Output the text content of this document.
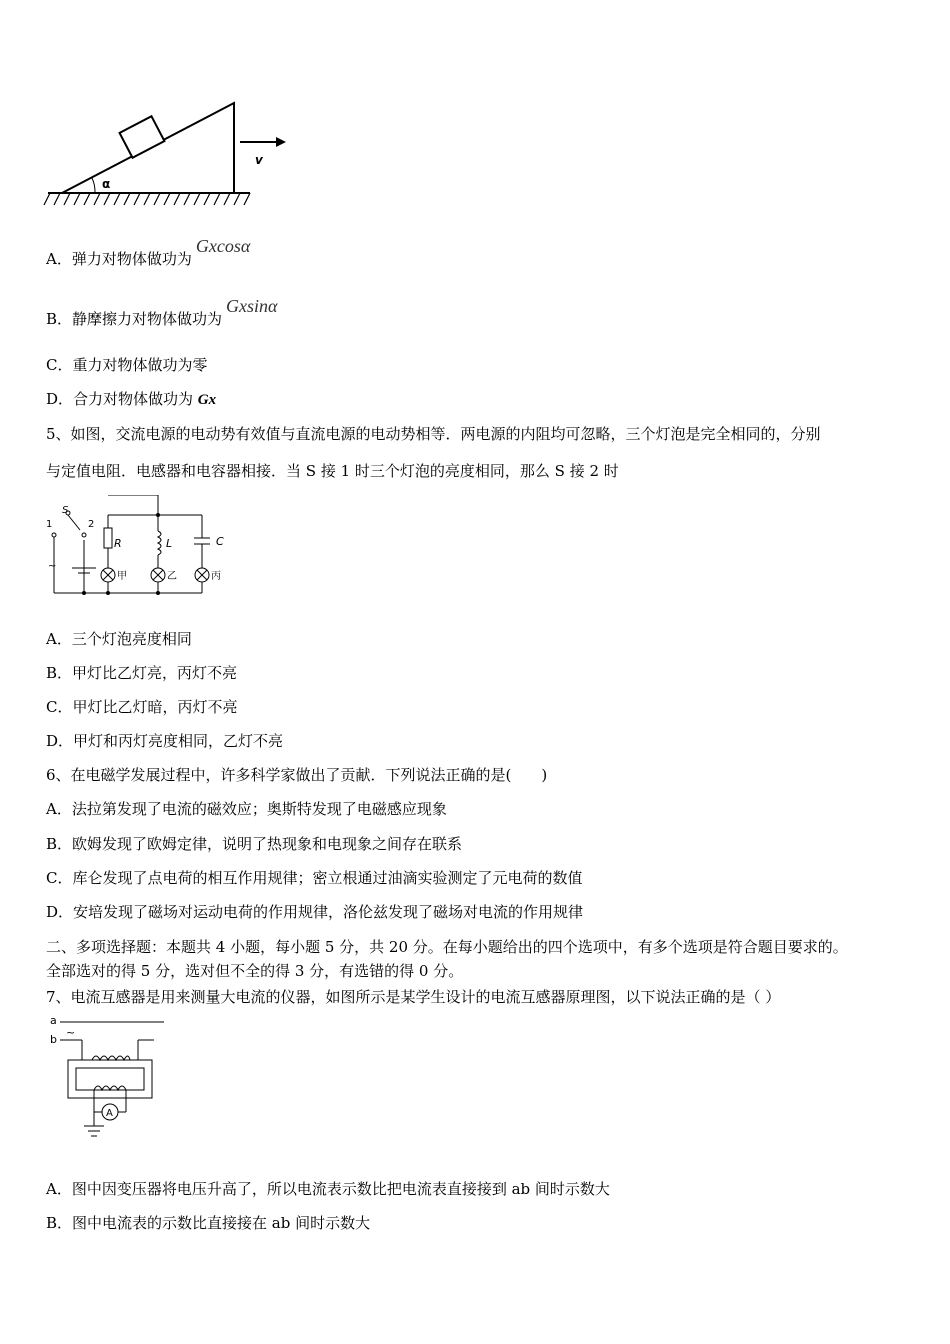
α
v
A．弹力对物体做功为Gxcosα
B．静摩擦力对物体做功为Gxsinα
C．重力对物体做功为零
D．合力对物体做功为 Gx
5、如图，交流电源的电动势有效值与直流电源的电动势相等．两电源的内阻均可忽略，三个灯泡是完全相同的，分别
与定值电阻．电感器和电容器相接．当 S 接 1 时三个灯泡的亮度相同，那么 S 接 2 时
S
1	2
~
R	L	C
甲	乙	丙
A．三个灯泡亮度相同
B．甲灯比乙灯亮，丙灯不亮
C．甲灯比乙灯暗，丙灯不亮
D．甲灯和丙灯亮度相同，乙灯不亮
6、在电磁学发展过程中，许多科学家做出了贡献．下列说法正确的是(　　)
A．法拉第发现了电流的磁效应；奥斯特发现了电磁感应现象
B．欧姆发现了欧姆定律，说明了热现象和电现象之间存在联系
C．库仑发现了点电荷的相互作用规律；密立根通过油滴实验测定了元电荷的数值
D．安培发现了磁场对运动电荷的作用规律，洛伦兹发现了磁场对电流的作用规律
二、多项选择题：本题共 4 小题，每小题 5 分，共 20 分。在每小题给出的四个选项中，有多个选项是符合题目要求的。
全部选对的得 5 分，选对但不全的得 3 分，有选错的得 0 分。
7、电流互感器是用来测量大电流的仪器，如图所示是某学生设计的电流互感器原理图，以下说法正确的是（ ）
A
a
b
~
A．图中因变压器将电压升高了，所以电流表示数比把电流表直接接到 ab 间时示数大
B．图中电流表的示数比直接接在 ab 间时示数大
